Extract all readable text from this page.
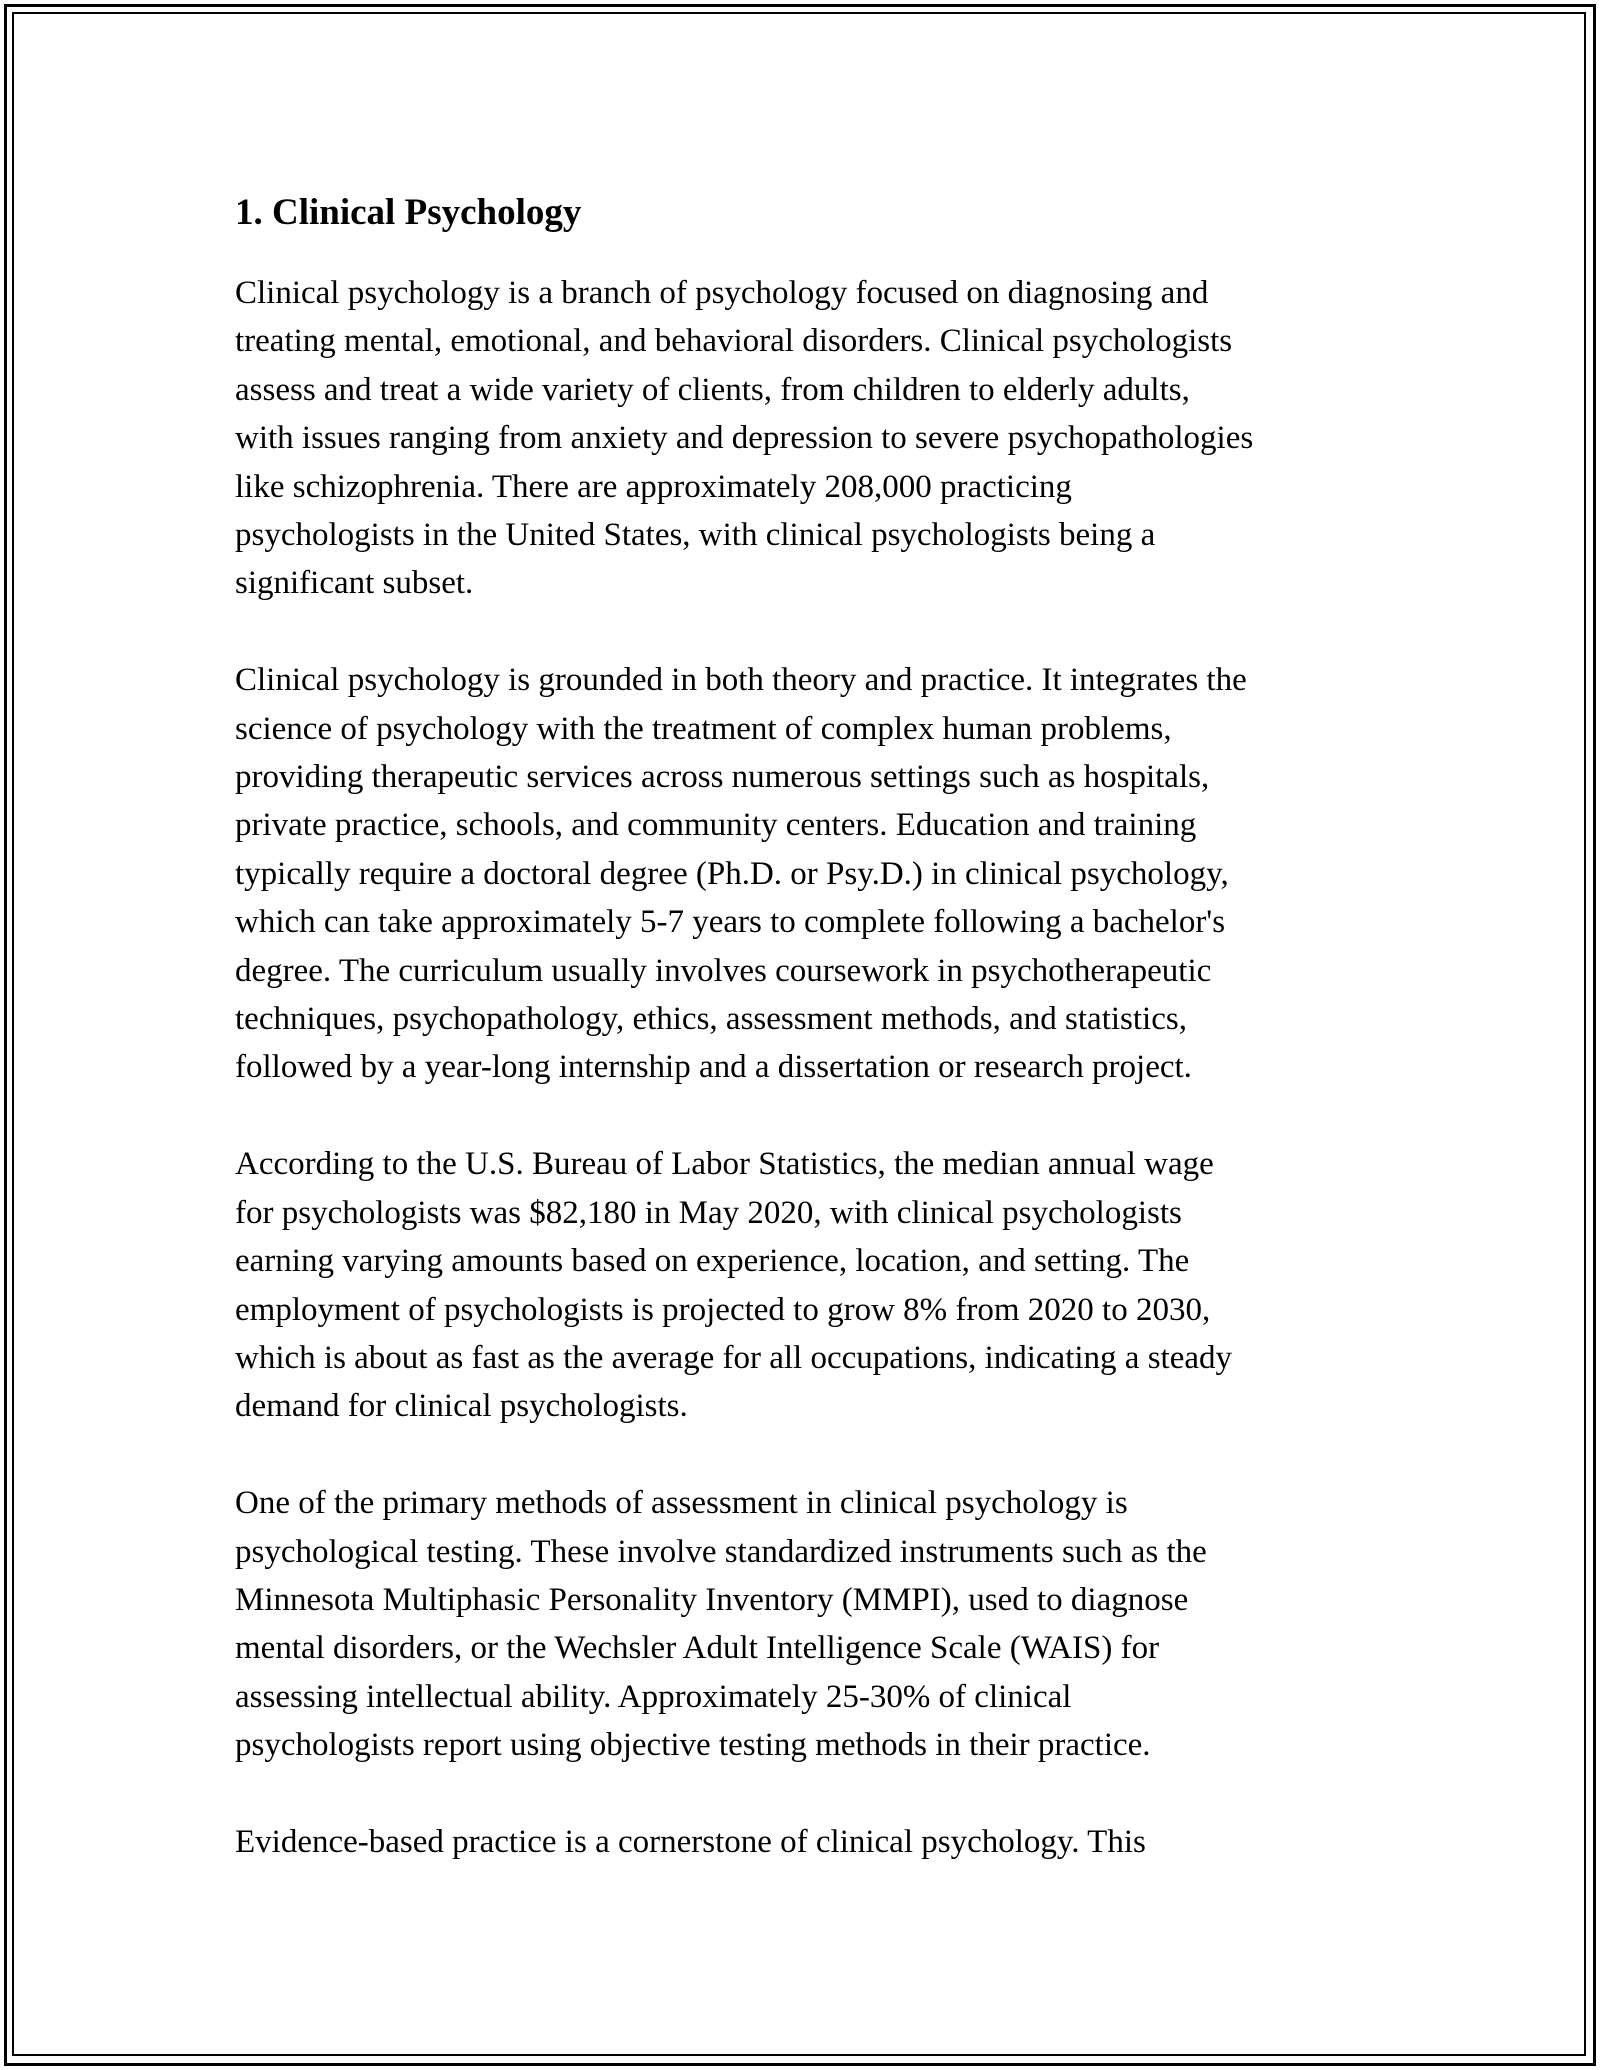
1. Clinical Psychology

Clinical psychology is a branch of psychology focused on diagnosing and
treating mental, emotional, and behavioral disorders. Clinical psychologists
assess and treat a wide variety of clients, from children to elderly adults,
with issues ranging from anxiety and depression to severe psychopathologies
like schizophrenia. There are approximately 208,000 practicing
psychologists in the United States, with clinical psychologists being a
significant subset.

Clinical psychology is grounded in both theory and practice. It integrates the
science of psychology with the treatment of complex human problems,
providing therapeutic services across numerous settings such as hospitals,
private practice, schools, and community centers. Education and training
typically require a doctoral degree (Ph.D. or Psy.D.) in clinical psychology,
which can take approximately 5-7 years to complete following a bachelor's
degree. The curriculum usually involves coursework in psychotherapeutic
techniques, psychopathology, ethics, assessment methods, and statistics,
followed by a year-long internship and a dissertation or research project.

According to the U.S. Bureau of Labor Statistics, the median annual wage
for psychologists was $82,180 in May 2020, with clinical psychologists
earning varying amounts based on experience, location, and setting. The
employment of psychologists is projected to grow 8% from 2020 to 2030,
which is about as fast as the average for all occupations, indicating a steady
demand for clinical psychologists.

One of the primary methods of assessment in clinical psychology is
psychological testing. These involve standardized instruments such as the
Minnesota Multiphasic Personality Inventory (MMPI), used to diagnose
mental disorders, or the Wechsler Adult Intelligence Scale (WAIS) for
assessing intellectual ability. Approximately 25-30% of clinical
psychologists report using objective testing methods in their practice.

Evidence-based practice is a cornerstone of clinical psychology. This
